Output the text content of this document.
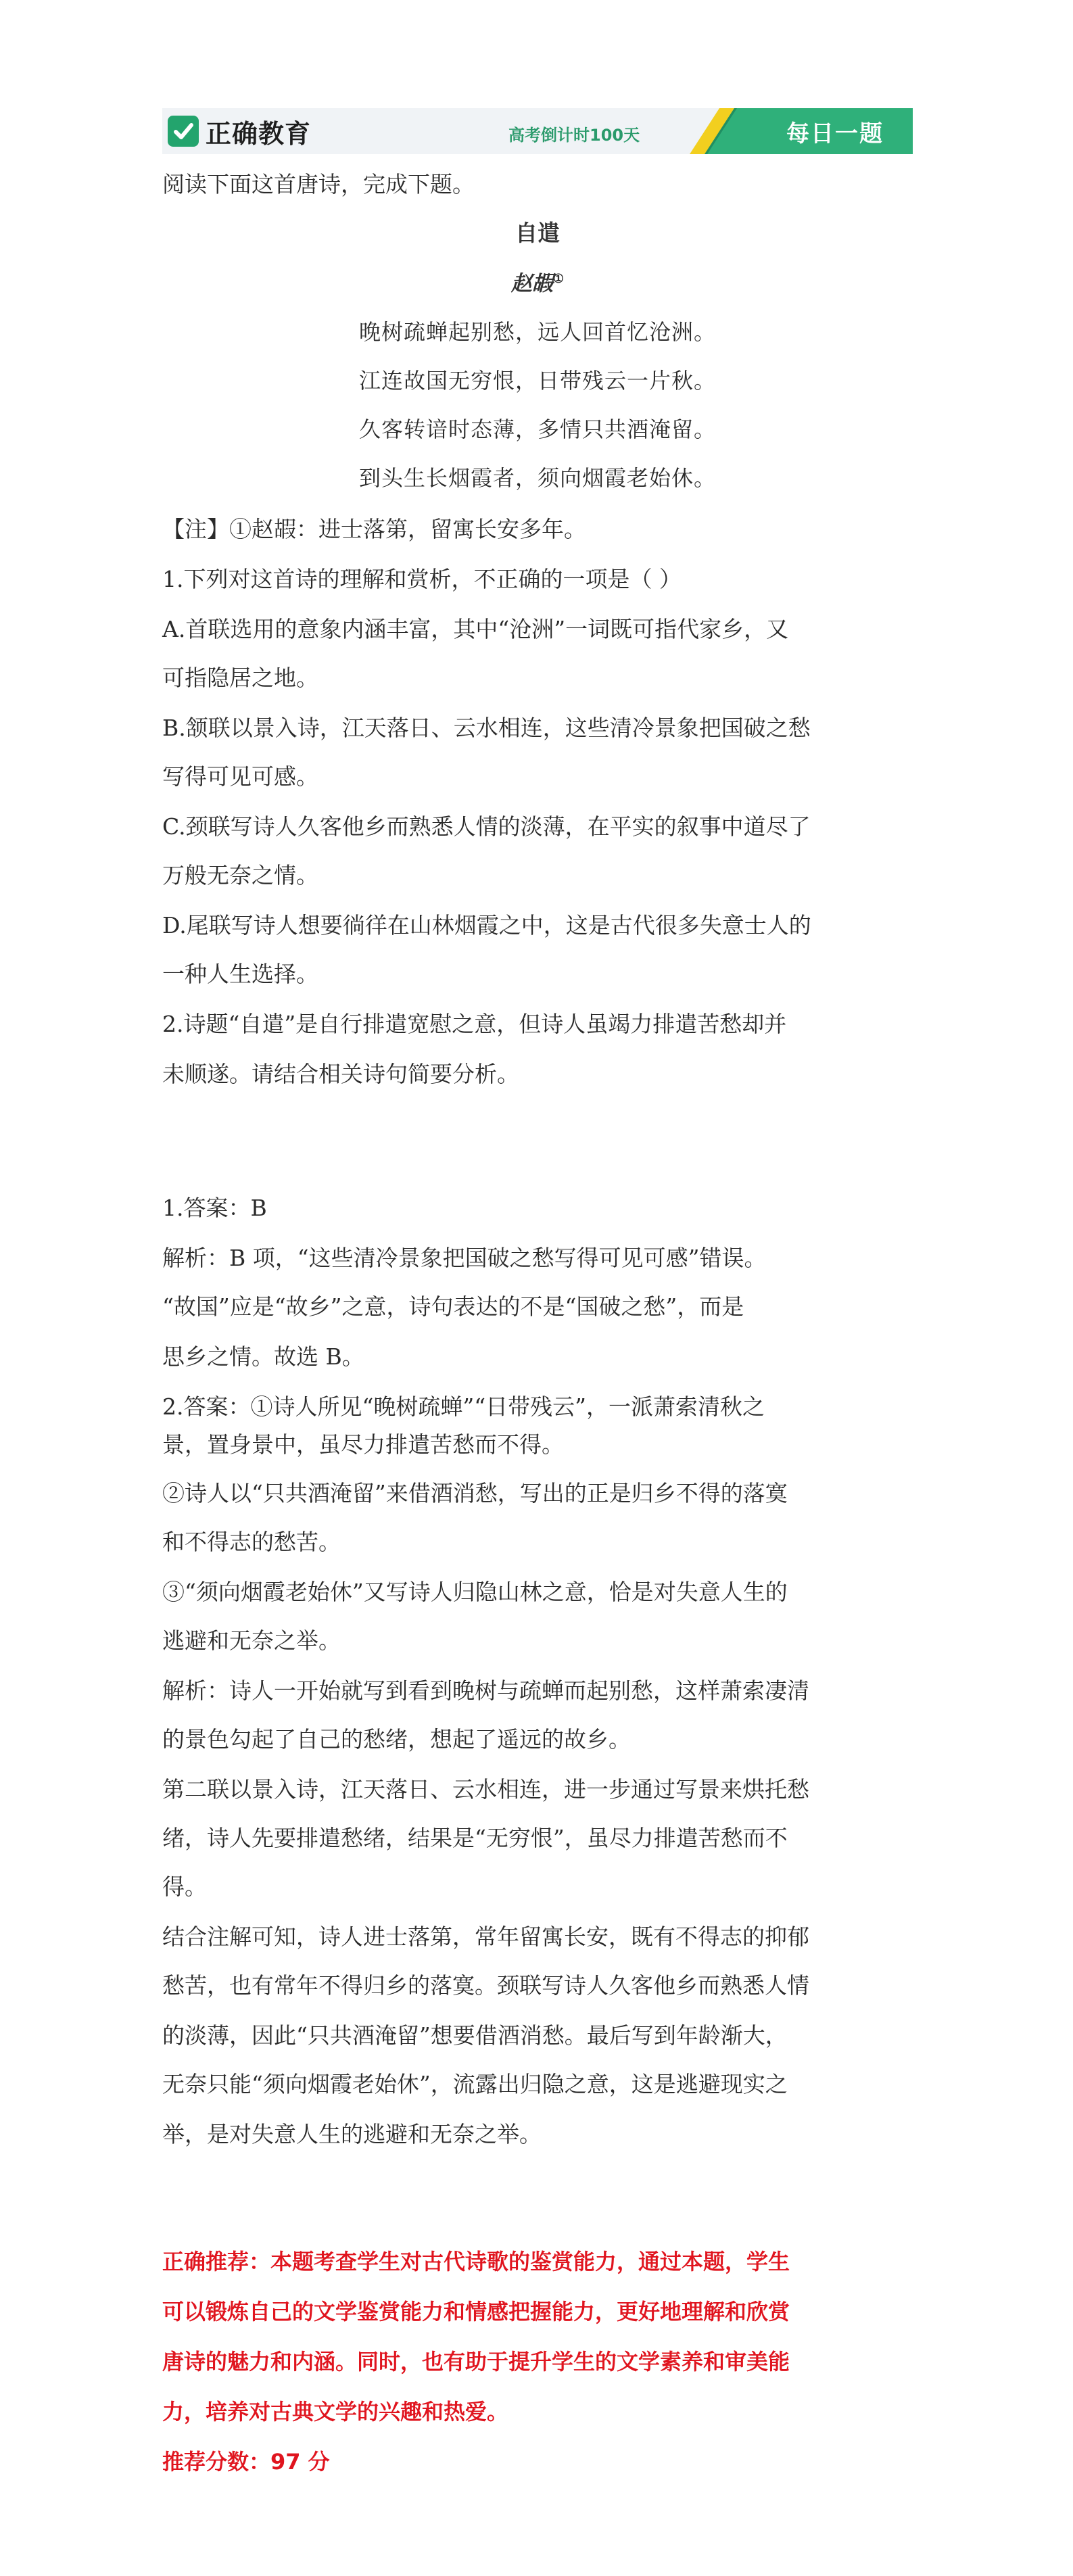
正确教育	高考倒计时100天	每日一题
阅读下面这首唐诗，完成下题。
自遣
赵嘏①
晚树疏蝉起别愁，远人回首忆沧洲。
江连故国无穷恨，日带残云一片秋。
久客转谙时态薄，多情只共酒淹留。
到头生长烟霞者，须向烟霞老始休。
【注】①赵嘏：进士落第，留寓长安多年。
1.下列对这首诗的理解和赏析，不正确的一项是（ ）
A.首联选用的意象内涵丰富，其中“沧洲”一词既可指代家乡，又
可指隐居之地。
B.颔联以景入诗，江天落日、云水相连，这些清冷景象把国破之愁
写得可见可感。
C.颈联写诗人久客他乡而熟悉人情的淡薄，在平实的叙事中道尽了
万般无奈之情。
D.尾联写诗人想要徜徉在山林烟霞之中，这是古代很多失意士人的
一种人生选择。
2.诗题“自遣”是自行排遣宽慰之意，但诗人虽竭力排遣苦愁却并
未顺遂。请结合相关诗句简要分析。
1.答案：B
解析：B 项，“这些清冷景象把国破之愁写得可见可感”错误。
“故国”应是“故乡”之意，诗句表达的不是“国破之愁”，而是
思乡之情。故选 B。
2.答案：①诗人所见“晚树疏蝉”“日带残云”，一派萧索清秋之
景，置身景中，虽尽力排遣苦愁而不得。
②诗人以“只共酒淹留”来借酒消愁，写出的正是归乡不得的落寞
和不得志的愁苦。
③“须向烟霞老始休”又写诗人归隐山林之意，恰是对失意人生的
逃避和无奈之举。
解析：诗人一开始就写到看到晚树与疏蝉而起别愁，这样萧索凄清
的景色勾起了自己的愁绪，想起了遥远的故乡。
第二联以景入诗，江天落日、云水相连，进一步通过写景来烘托愁
绪，诗人先要排遣愁绪，结果是“无穷恨”，虽尽力排遣苦愁而不
得。
结合注解可知，诗人进士落第，常年留寓长安，既有不得志的抑郁
愁苦，也有常年不得归乡的落寞。颈联写诗人久客他乡而熟悉人情
的淡薄，因此“只共酒淹留”想要借酒消愁。最后写到年龄渐大，
无奈只能“须向烟霞老始休”，流露出归隐之意，这是逃避现实之
举，是对失意人生的逃避和无奈之举。
正确推荐：本题考查学生对古代诗歌的鉴赏能力，通过本题，学生
可以锻炼自己的文学鉴赏能力和情感把握能力，更好地理解和欣赏
唐诗的魅力和内涵。同时，也有助于提升学生的文学素养和审美能
力，培养对古典文学的兴趣和热爱。
推荐分数：97 分
